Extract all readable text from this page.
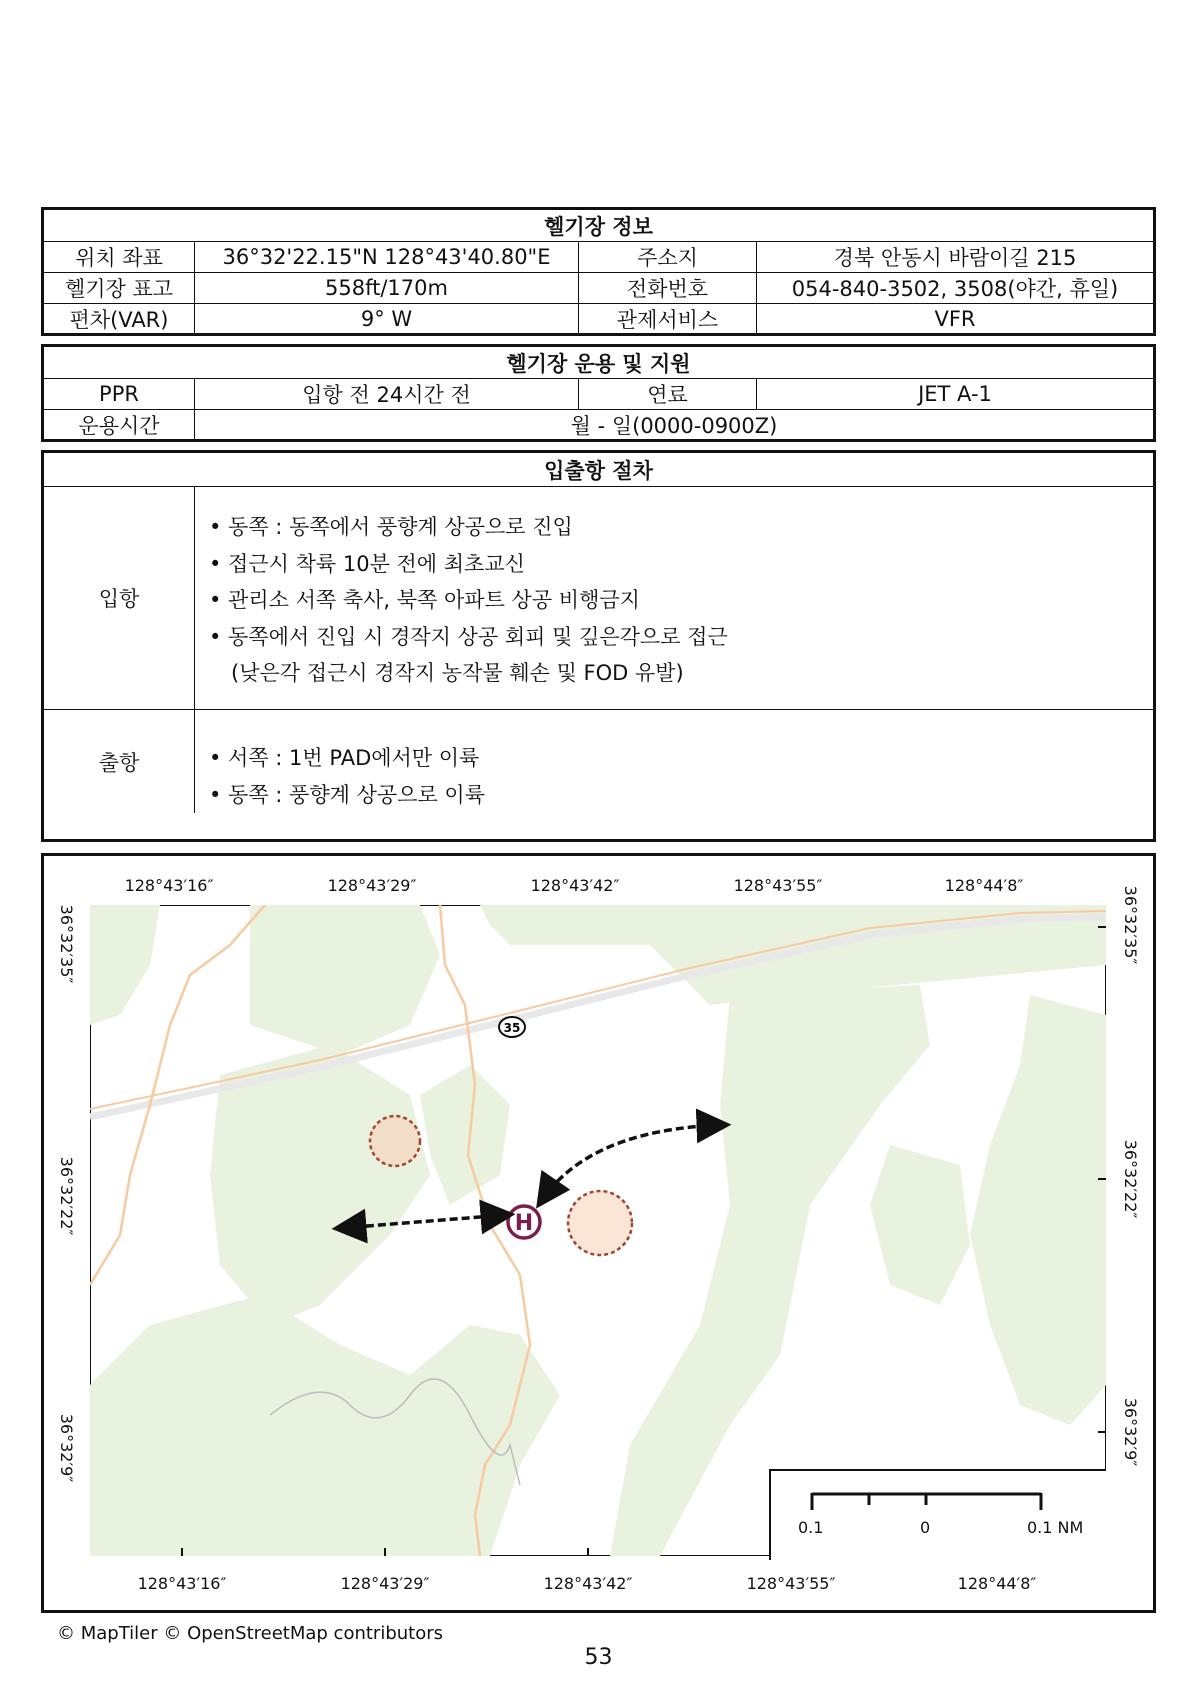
헬기장 정보
위치 좌표	36°32'22.15"N 128°43'40.80"E	주소지	경북 안동시 바람이길 215
헬기장 표고	558ft/170m	전화번호	054-840-3502, 3508(야간, 휴일)
편차(VAR)	9° W	관제서비스	VFR
헬기장 운용 및 지원
PPR	입항 전 24시간 전	연료	JET A-1
운용시간	월 - 일(0000-0900Z)
입출항 절차
입항
• 동쪽 : 동쪽에서 풍향계 상공으로 진입
• 접근시 착륙 10분 전에 최초교신
• 관리소 서쪽 축사, 북쪽 아파트 상공 비행금지
• 동쪽에서 진입 시 경작지 상공 회피 및 깊은각으로 접근
(낮은각 접근시 경작지 농작물 훼손 및 FOD 유발)
출항	• 서쪽 : 1번 PAD에서만 이륙
• 동쪽 : 풍향계 상공으로 이륙
128°43′16″	128°43′29″	128°43′42″	128°43′55″	128°44′8″
128°43′16″	128°43′29″	128°43′42″	128°43′55″	128°44′8″
36°32′35″
36°32′22″
36°32′9″
36°32′35″
36°32′22″
36°32′9″
35
H
0.1	0	0.1 NM
© MapTiler © OpenStreetMap contributors
53
